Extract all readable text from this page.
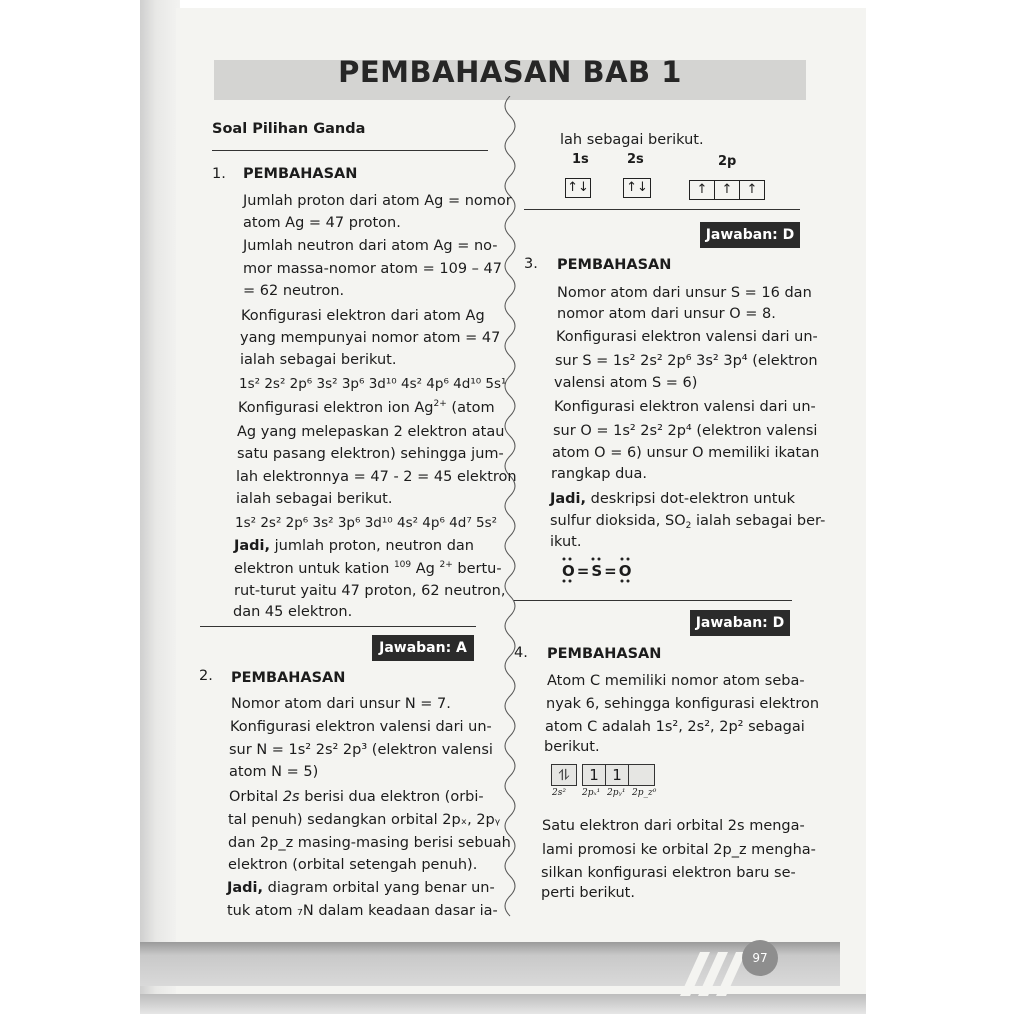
PEMBAHASAN BAB 1
Soal Pilihan Ganda
1. PEMBAHASAN
Jumlah proton dari atom Ag = nomor
atom Ag = 47 proton.
Jumlah neutron dari atom Ag = no-
mor massa-nomor atom = 109 – 47
= 62 neutron.
Konfigurasi elektron dari atom Ag
yang mempunyai nomor atom = 47
ialah sebagai berikut.
1s² 2s² 2p⁶ 3s² 3p⁶ 3d¹⁰ 4s² 4p⁶ 4d¹⁰ 5s¹
Konfigurasi elektron ion $Ag^{2+}$ (atom
Ag yang melepaskan 2 elektron atau
satu pasang elektron) sehingga jum-
lah elektronnya = 47 - 2 = 45 elektron
ialah sebagai berikut.
1s² 2s² 2p⁶ 3s² 3p⁶ 3d¹⁰ 4s² 4p⁶ 4d⁷ 5s²
Jadi, jumlah proton, neutron dan
elektron untuk kation $^{109}$ Ag $^{2+}$ bertu-
rut-turut yaitu 47 proton, 62 neutron,
dan 45 elektron.
Jawaban: A
2. PEMBAHASAN
Nomor atom dari unsur N = 7.
Konfigurasi elektron valensi dari un-
sur N = 1s² 2s² 2p³ (elektron valensi
atom N = 5)
Orbital 2s berisi dua elektron (orbi-
tal penuh) sedangkan orbital 2pₓ, 2pᵧ
dan 2p_z masing-masing berisi sebuah
elektron (orbital setengah penuh).
Jadi, diagram orbital yang benar un-
tuk atom ₇N dalam keadaan dasar ia-
lah sebagai berikut.
1s	2s	2p
↑↓	↑↓	↑	↑	↑
Jawaban: D
3. PEMBAHASAN
Nomor atom dari unsur S = 16 dan
nomor atom dari unsur O = 8.
Konfigurasi elektron valensi dari un-
sur S = 1s² 2s² 2p⁶ 3s² 3p⁴ (elektron
valensi atom S = 6)
Konfigurasi elektron valensi dari un-
sur O = 1s² 2s² 2p⁴ (elektron valensi
atom O = 6) unsur O memiliki ikatan
rangkap dua.
Jadi, deskripsi dot-elektron untuk
sulfur dioksida, $SO_2$ ialah sebagai ber-
ikut.
O=S=O
Jawaban: D
4. PEMBAHASAN
Atom C memiliki nomor atom seba-
nyak 6, sehingga konfigurasi elektron
atom C adalah 1s², 2s², 2p² sebagai
berikut.
⥮	1 1
2s² 2pₓ¹ 2pᵧ¹ 2p_z⁰
Satu elektron dari orbital 2s menga-
lami promosi ke orbital 2p_z mengha-
silkan konfigurasi elektron baru se-
perti berikut.
97
